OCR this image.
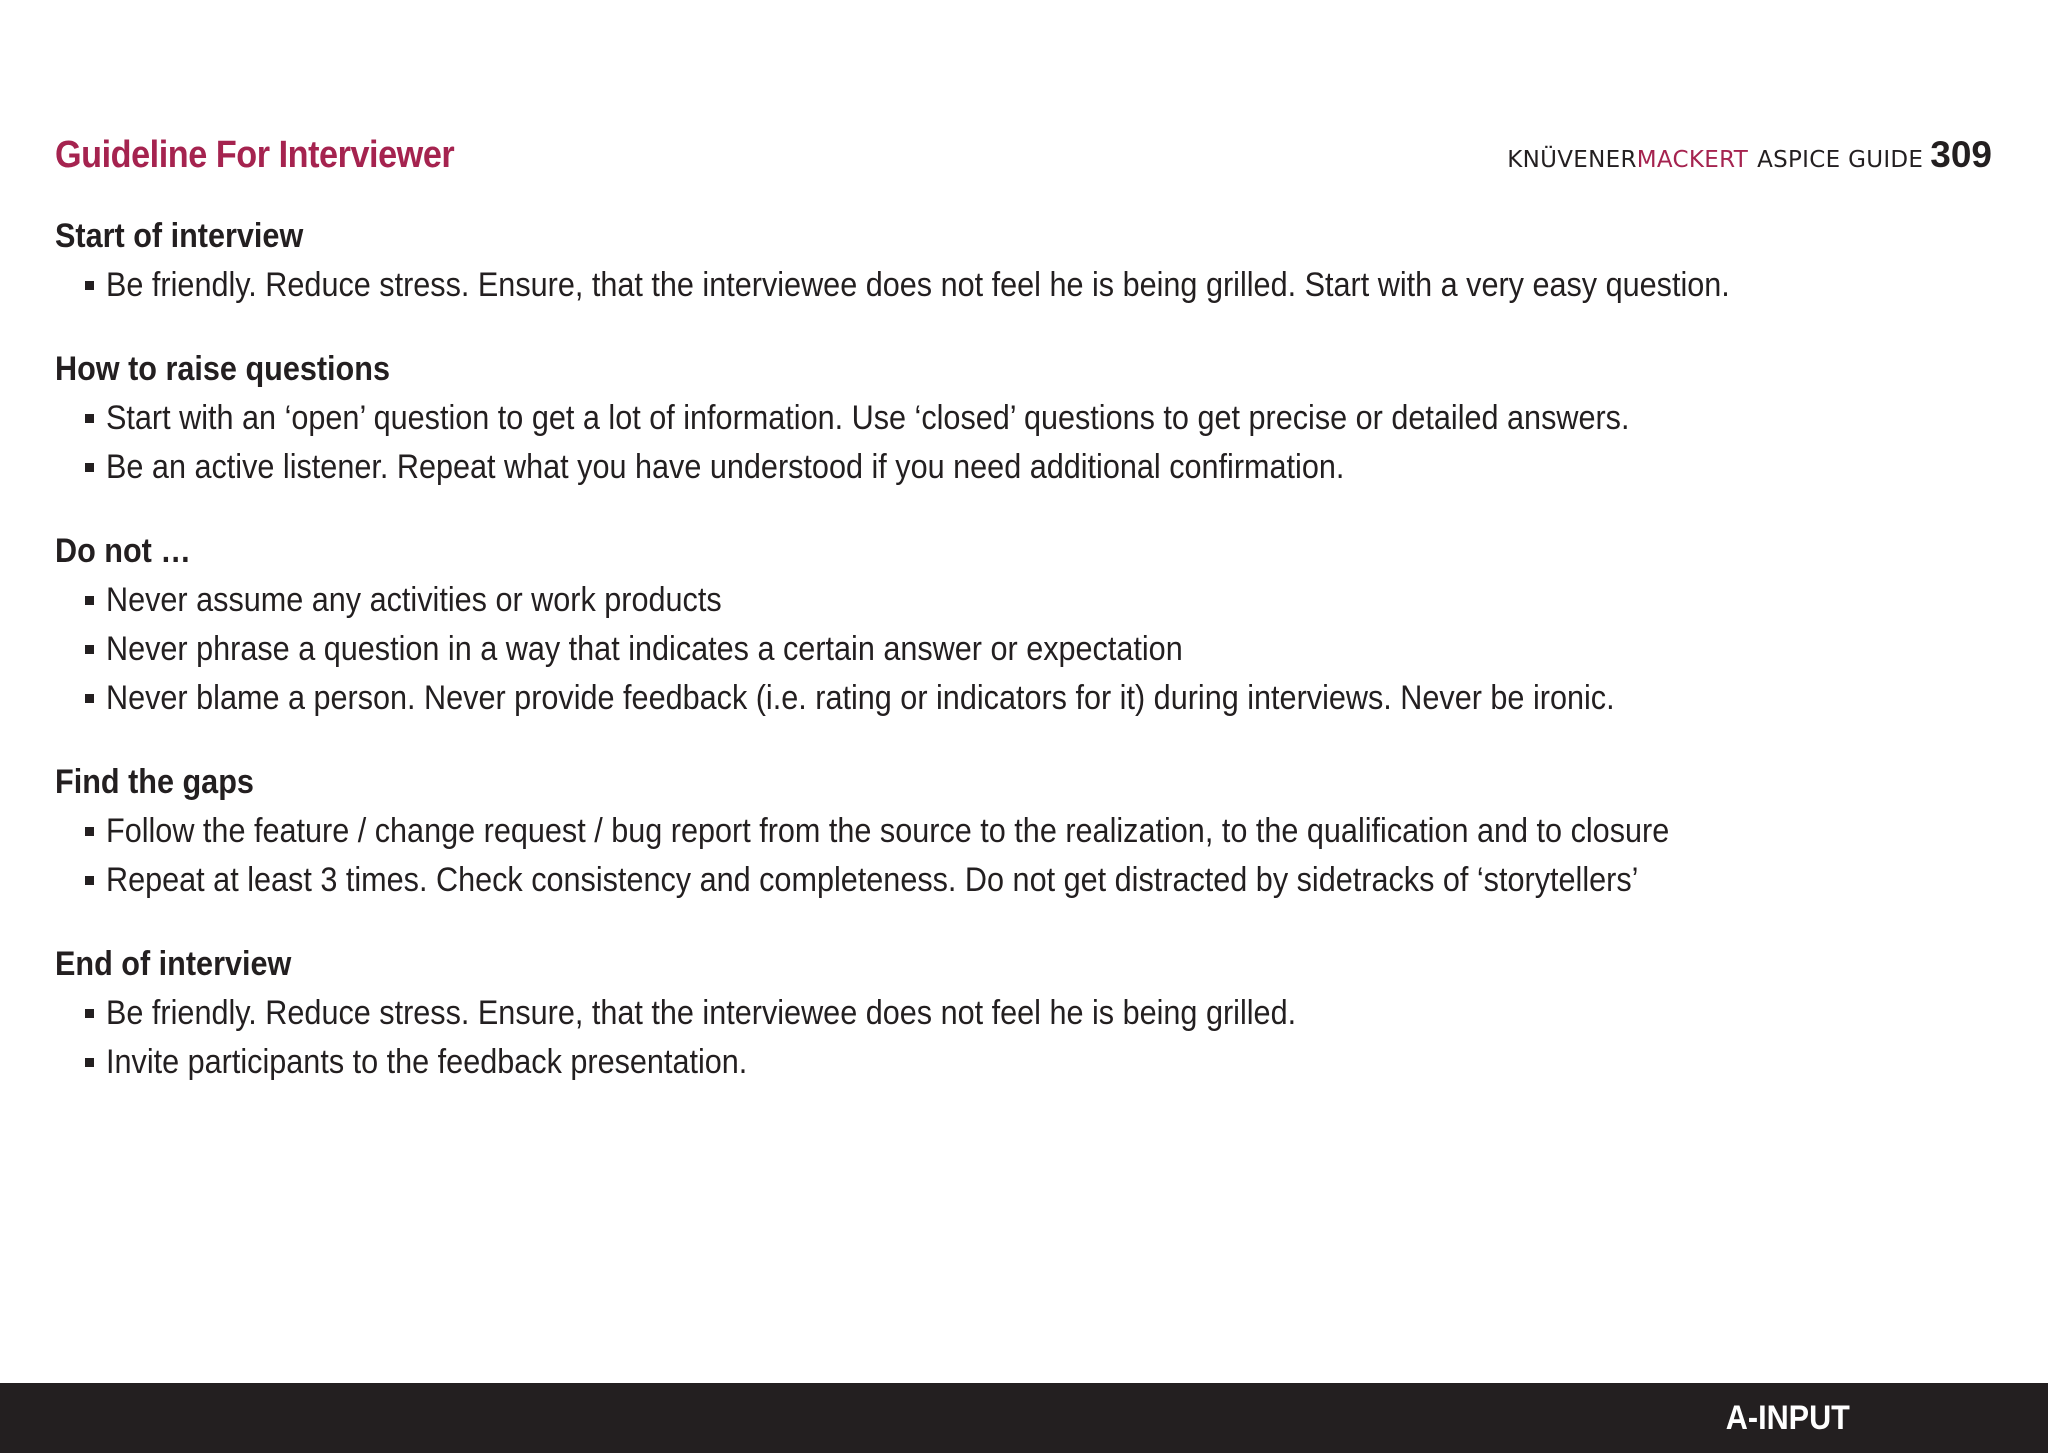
Guideline For Interviewer	KNÜVENER MACKERT ASPICE GUIDE 309
Start of interview
Be friendly. Reduce stress. Ensure, that the interviewee does not feel he is being grilled. Start with a very easy question.
How to raise questions
Start with an ‘open’ question to get a lot of information. Use ‘closed’ questions to get precise or detailed answers.
Be an active listener. Repeat what you have understood if you need additional confirmation.
Do not …
Never assume any activities or work products
Never phrase a question in a way that indicates a certain answer or expectation
Never blame a person. Never provide feedback (i.e. rating or indicators for it) during interviews. Never be ironic.
Find the gaps
Follow the feature / change request / bug report from the source to the realization, to the qualification and to closure
Repeat at least 3 times. Check consistency and completeness. Do not get distracted by sidetracks of ‘storytellers’
End of interview
Be friendly. Reduce stress. Ensure, that the interviewee does not feel he is being grilled.
Invite participants to the feedback presentation.
A-INPUT
